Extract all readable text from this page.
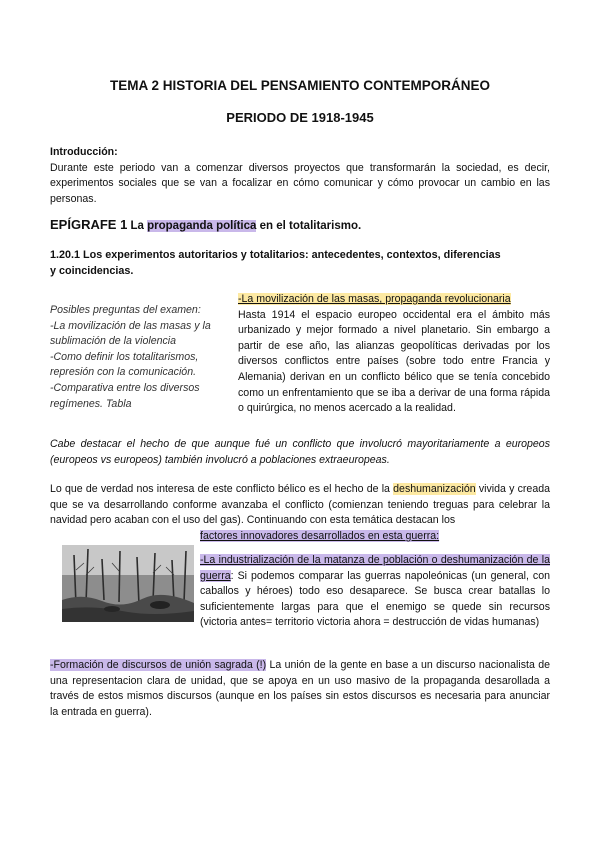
TEMA 2 HISTORIA DEL PENSAMIENTO CONTEMPORÁNEO
PERIODO DE 1918-1945
Introducción:
Durante este periodo van a comenzar diversos proyectos que transformarán la sociedad, es decir, experimentos sociales que se van a focalizar en cómo comunicar y cómo provocar un cambio en las personas.
EPÍGRAFE 1 La propaganda política en el totalitarismo.
1.20.1 Los experimentos autoritarios y totalitarios: antecedentes, contextos, diferencias
y coincidencias.
Posibles preguntas del examen:
-La movilización de las masas y la
sublimación de la violencia
-Como definir los totalitarismos,
represión con la comunicación.
-Comparativa entre los diversos
regímenes. Tabla
-La movilización de las masas, propaganda revolucionaria
Hasta 1914 el espacio europeo occidental era el ámbito más urbanizado y mejor formado a nivel planetario. Sin embargo a partir de ese año, las alianzas geopolíticas derivadas por los diversos conflictos entre países (sobre todo entre Francia y Alemania) derivan en un conflicto bélico que se tenía concebido como un enfrentamiento que se iba a derivar de una forma rápida o quirúrgica, no menos acercado a la realidad.
Cabe destacar el hecho de que aunque fué un conflicto que involucró mayoritariamente a europeos (europeos vs europeos) también involucró a poblaciones extraeuropeas.
Lo que de verdad nos interesa de este conflicto bélico es el hecho de la deshumanización vivida y creada que se va desarrollando conforme avanzaba el conflicto (comienzan teniendo treguas para celebrar la navidad pero acaban con el uso del gas). Continuando con esta temática destacan los
factores innovadores desarrollados en esta guerra:
-La industrialización de la matanza de población o deshumanización de la guerra: Si podemos comparar las guerras napoleónicas (un general, con caballos y héroes) todo eso desaparece. Se busca crear batallas lo suficientemente largas para que el enemigo se quede sin recursos (victoria antes= territorio victoria ahora = destrucción de vidas humanas)
-Formación de discursos de unión sagrada (!) La unión de la gente en base a un discurso nacionalista de una representacion clara de unidad, que se apoya en un uso masivo de la propaganda desarollada a través de estos mismos discursos (aunque en los países sin estos discursos es necesaria para anunciar la entrada en guerra).
